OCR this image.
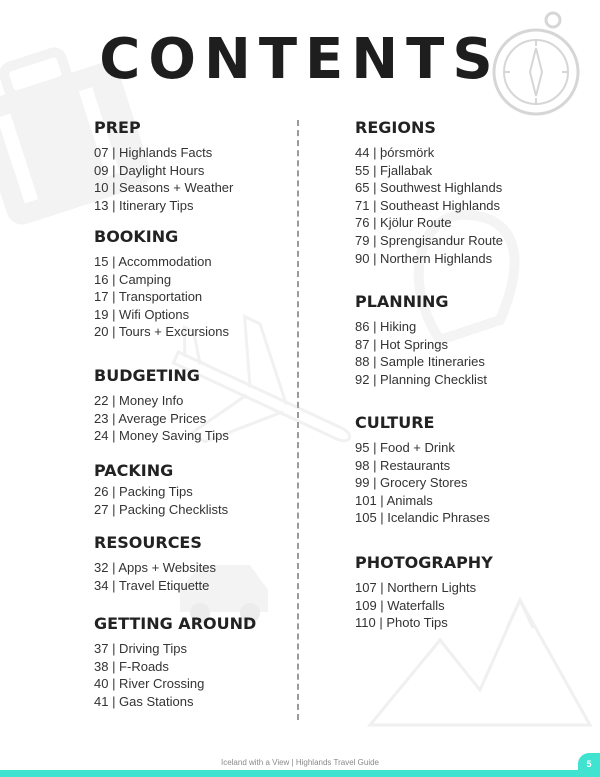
CONTENTS
PREP
07 | Highlands Facts
09 | Daylight Hours
10 | Seasons + Weather
13 | Itinerary Tips
BOOKING
15 | Accommodation
16 | Camping
17 | Transportation
19 | Wifi Options
20 | Tours + Excursions
BUDGETING
22 | Money Info
23 | Average Prices
24 | Money Saving Tips
PACKING
26 | Packing Tips
27 | Packing Checklists
RESOURCES
32 | Apps + Websites
34 | Travel Etiquette
GETTING AROUND
37 | Driving Tips
38 | F-Roads
40 | River Crossing
41 | Gas Stations
REGIONS
44 | þórsmörk
55 | Fjallabak
65 | Southwest Highlands
71 | Southeast Highlands
76 | Kjölur Route
79 | Sprengisandur Route
90 | Northern Highlands
PLANNING
86 | Hiking
87 | Hot Springs
88 | Sample Itineraries
92 | Planning Checklist
CULTURE
95 | Food + Drink
98 | Restaurants
99 | Grocery Stores
101 | Animals
105 | Icelandic Phrases
PHOTOGRAPHY
107 | Northern Lights
109 | Waterfalls
110 | Photo Tips
Iceland with a View | Highlands Travel Guide	5
